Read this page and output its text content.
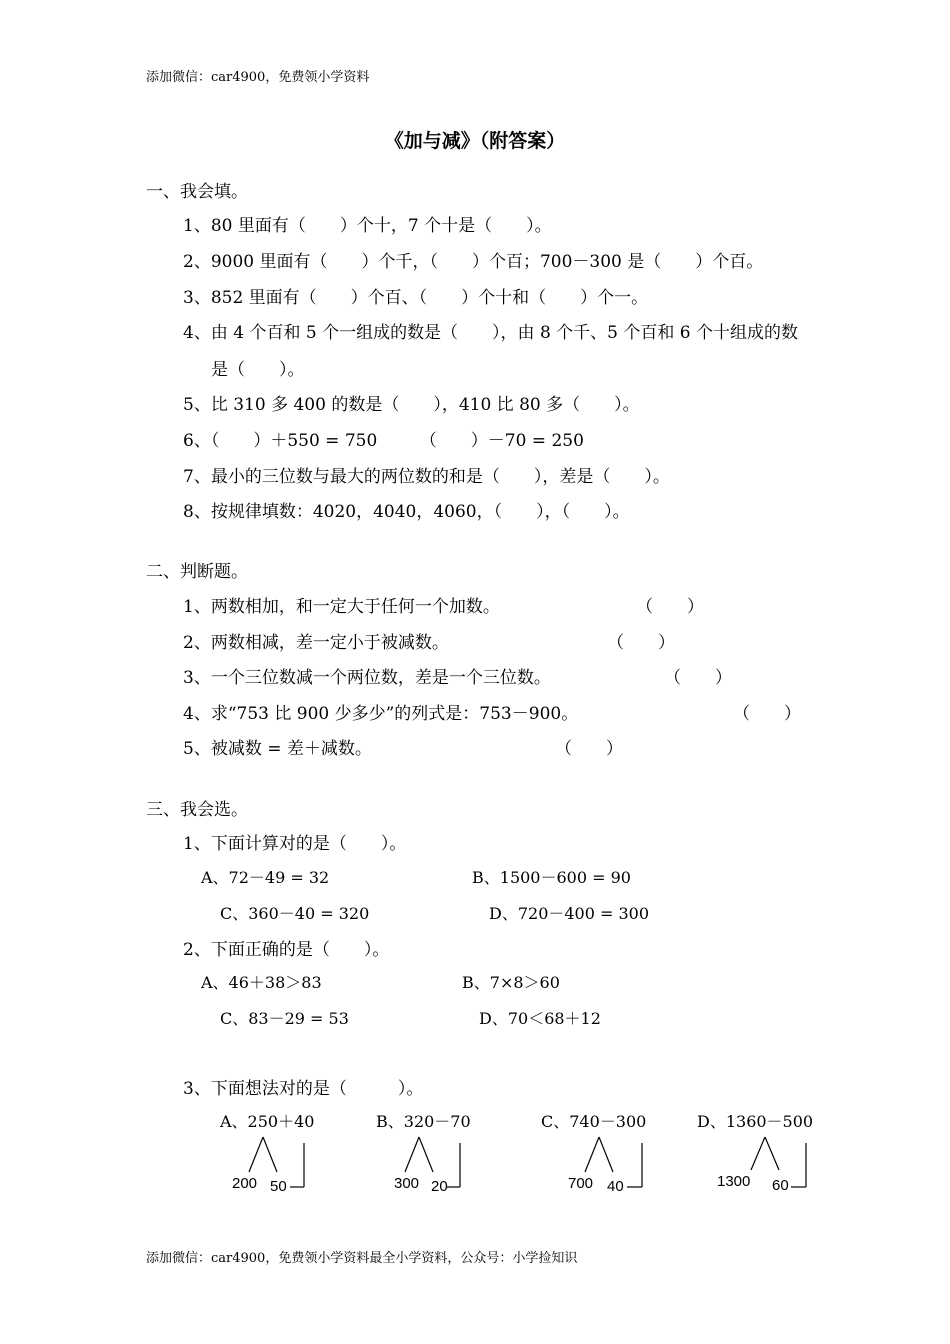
添加微信：car4900，免费领小学资料
《加与减》（附答案）
一、我会填。
1、80 里面有（　　）个十，7 个十是（　　）。
2、9000 里面有（　　）个千，（　　）个百；700－300 是（　　）个百。
3、852 里面有（　　）个百、（　　）个十和（　　）个一。
4、由 4 个百和 5 个一组成的数是（　　），由 8 个千、5 个百和 6 个十组成的数
是（　　）。
5、比 310 多 400 的数是（　　），410 比 80 多（　　）。
6、（　　）＋550 = 750　　　（　　）－70 = 250
7、最小的三位数与最大的两位数的和是（　　），差是（　　）。
8、按规律填数：4020，4040，4060，（　　），（　　）。
二、判断题。
1、两数相加，和一定大于任何一个加数。	（　　）
2、两数相减，差一定小于被减数。	（　　）
3、一个三位数减一个两位数，差是一个三位数。	（　　）
4、求“753 比 900 少多少”的列式是：753－900。	（　　）
5、被减数 = 差＋减数。	（　　）
三、我会选。
1、下面计算对的是（　　）。
A、72－49 = 32	B、1500－600 = 90
C、360－40 = 320	D、720－400 = 300
2、下面正确的是（　　）。
A、46＋38＞83	B、7×8＞60
C、83－29 = 53	D、70＜68＋12
3、下面想法对的是（　　　）。
A、250＋40
200 50
B、320－70
300 20
C、740－300
700 40
D、1360－500
1300 60
添加微信：car4900，免费领小学资料最全小学资料，公众号：小学捡知识
